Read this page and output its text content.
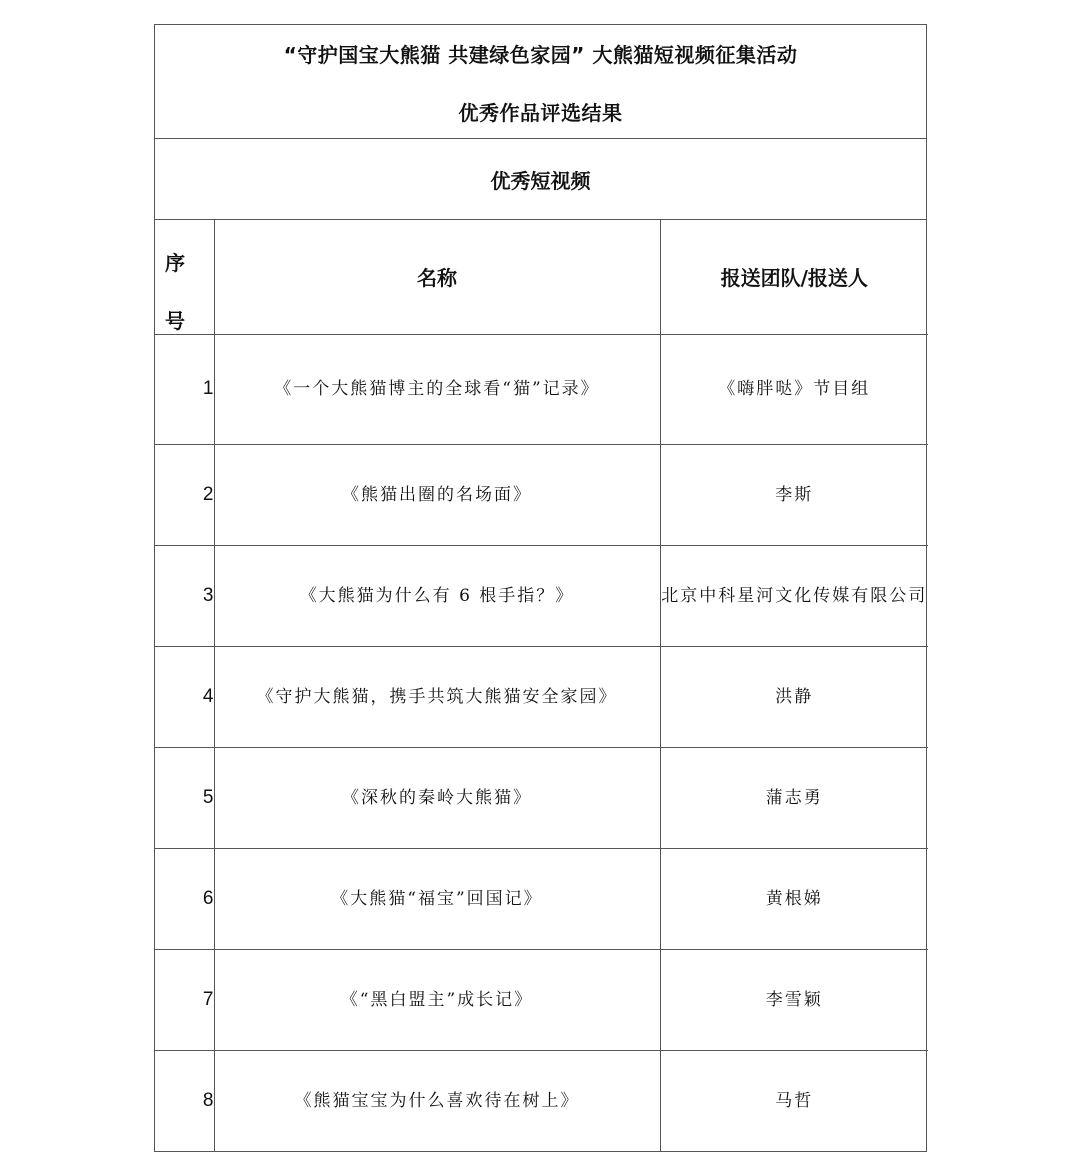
“守护国宝大熊猫 共建绿色家园” 大熊猫短视频征集活动
优秀作品评选结果
优秀短视频
序
号	名称	报送团队/报送人
1	《一个大熊猫博主的全球看“猫”记录》	《嗨胖哒》节目组
2	《熊猫出圈的名场面》	李斯
3	《大熊猫为什么有 6 根手指？》	北京中科星河文化传媒有限公司
4	《守护大熊猫，携手共筑大熊猫安全家园》	洪静
5	《深秋的秦岭大熊猫》	蒲志勇
6	《大熊猫“福宝”回国记》	黄根娣
7	《“黑白盟主”成长记》	李雪颖
8	《熊猫宝宝为什么喜欢待在树上》	马哲
